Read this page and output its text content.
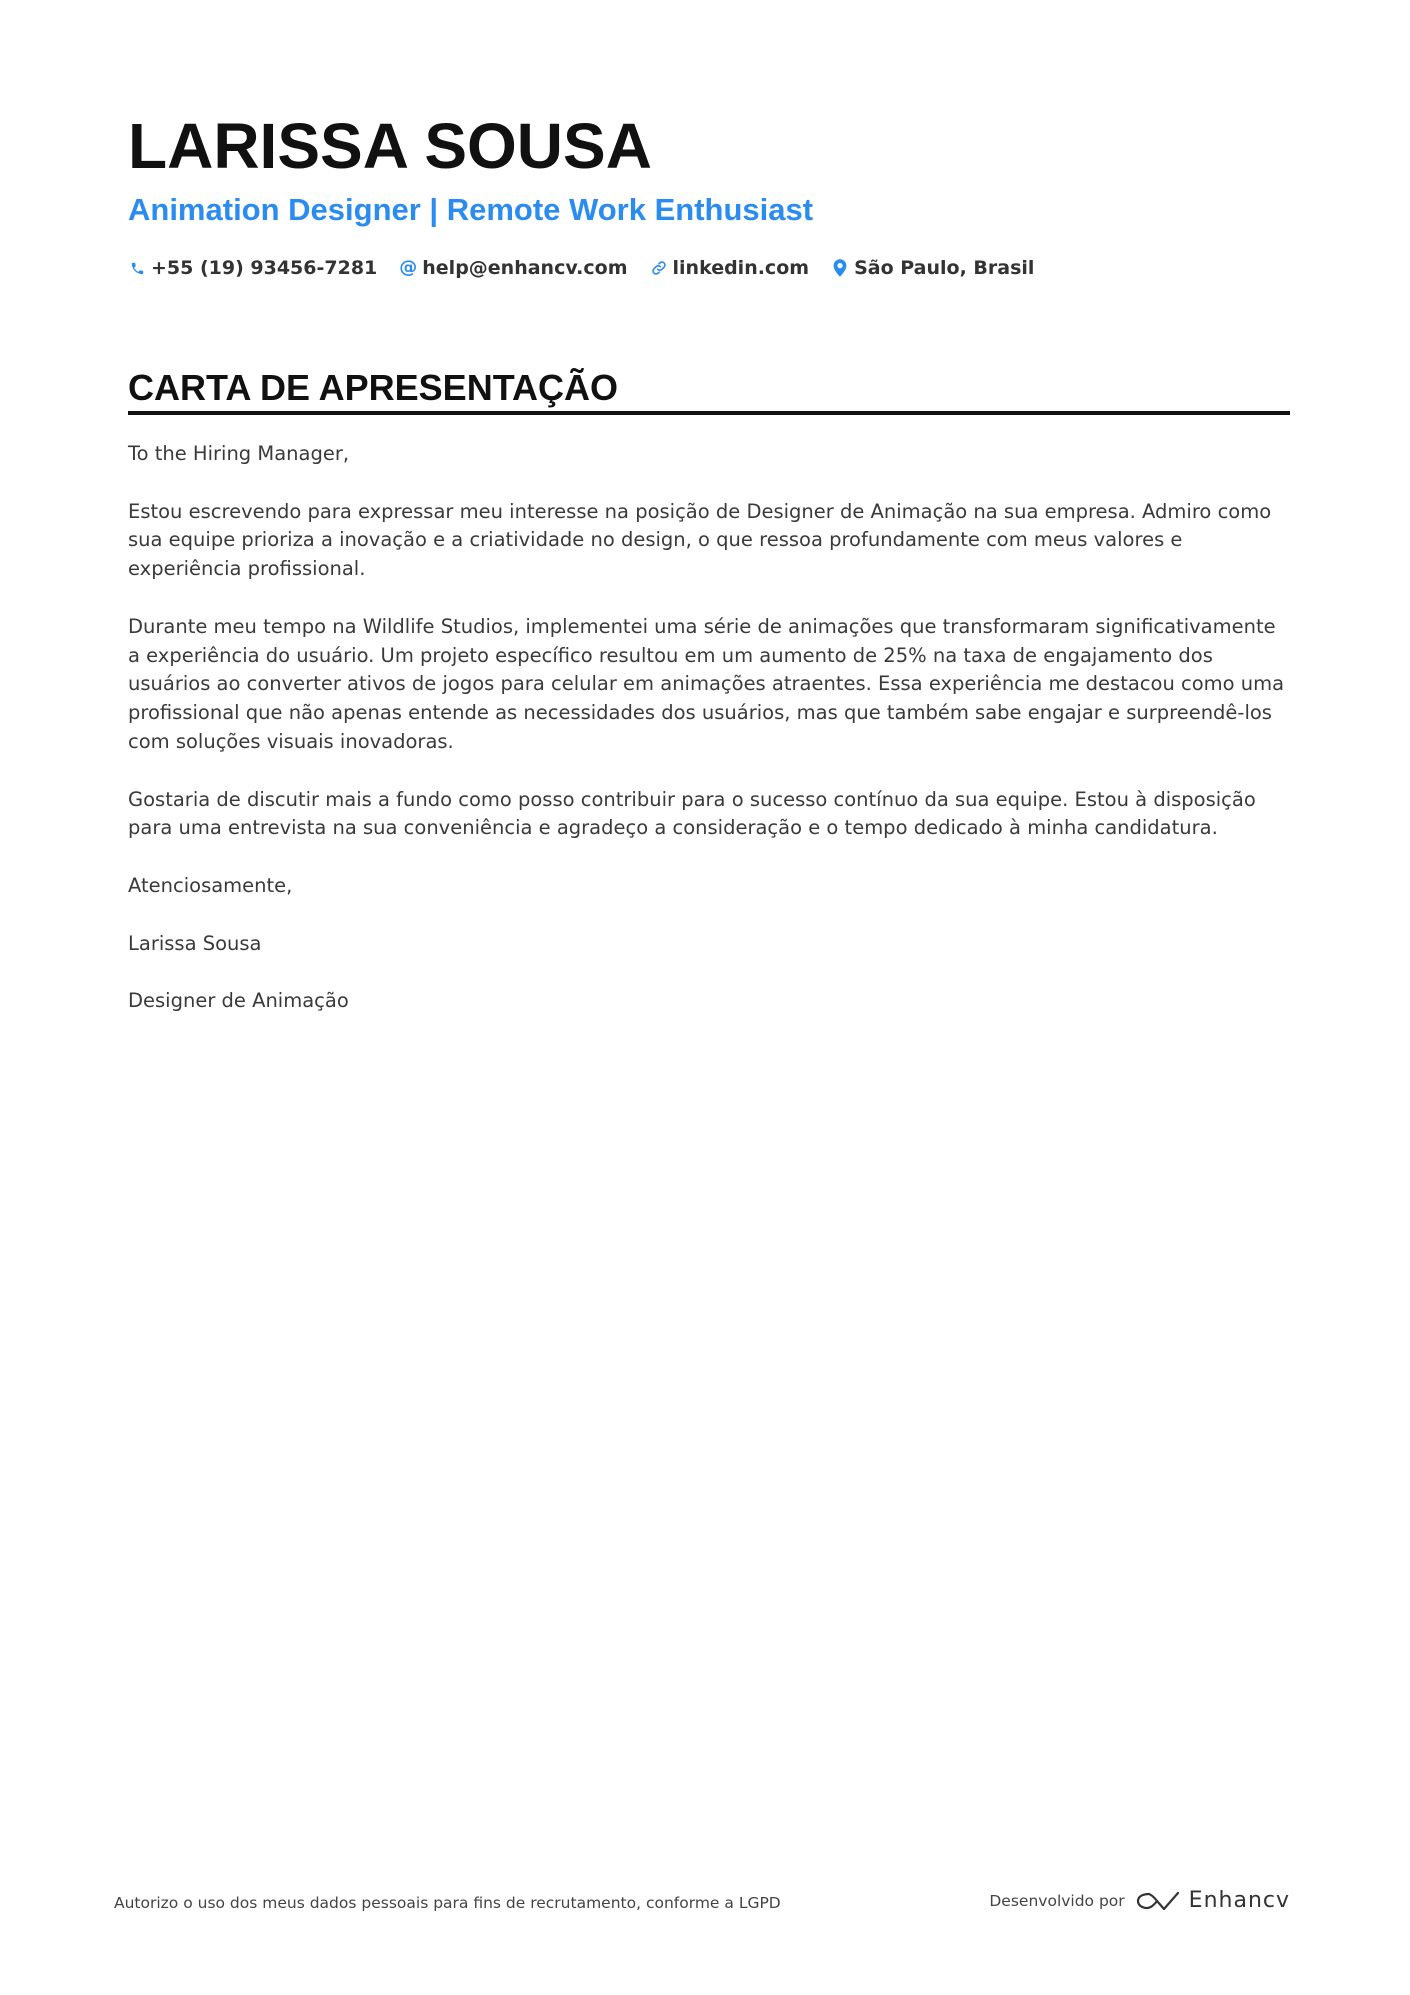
LARISSA SOUSA
Animation Designer | Remote Work Enthusiast
+55 (19) 93456-7281 @ help@enhancv.com linkedin.com São Paulo, Brasil
CARTA DE APRESENTAÇÃO

To the Hiring Manager,

Estou escrevendo para expressar meu interesse na posição de Designer de Animação na sua empresa. Admiro como sua equipe prioriza a inovação e a criatividade no design, o que ressoa profundamente com meus valores e experiência profissional.

Durante meu tempo na Wildlife Studios, implementei uma série de animações que transformaram significativamente a experiência do usuário. Um projeto específico resultou em um aumento de 25% na taxa de engajamento dos usuários ao converter ativos de jogos para celular em animações atraentes. Essa experiência me destacou como uma profissional que não apenas entende as necessidades dos usuários, mas que também sabe engajar e surpreendê-los com soluções visuais inovadoras.

Gostaria de discutir mais a fundo como posso contribuir para o sucesso contínuo da sua equipe. Estou à disposição para uma entrevista na sua conveniência e agradeço a consideração e o tempo dedicado à minha candidatura.

Atenciosamente,

Larissa Sousa

Designer de Animação

Autorizo o uso dos meus dados pessoais para fins de recrutamento, conforme a LGPD	Desenvolvido por	Enhancv
